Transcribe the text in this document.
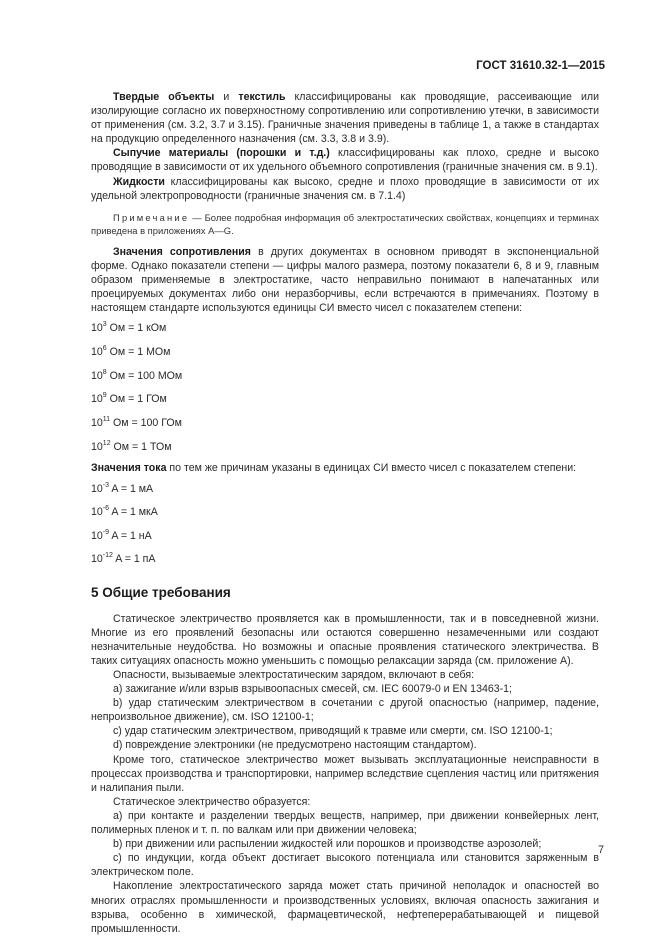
ГОСТ 31610.32-1—2015

Твердые объекты и текстиль классифицированы как проводящие, рассеивающие или изолирующие согласно их поверхностному сопротивлению или сопротивлению утечки, в зависимости от применения (см. 3.2, 3.7 и 3.15). Граничные значения приведены в таблице 1, а также в стандартах на продукцию определенного назначения (см. 3.3, 3.8 и 3.9).

Сыпучие материалы (порошки и т.д.) классифицированы как плохо, средне и высоко проводящие в зависимости от их удельного объемного сопротивления (граничные значения см. в 9.1).

Жидкости классифицированы как высоко, средне и плохо проводящие в зависимости от их удельной электропроводности (граничные значения см. в 7.1.4)

Примечание — Более подробная информация об электростатических свойствах, концепциях и терминах приведена в приложениях A—G.

Значения сопротивления в других документах в основном приводят в экспоненциальной форме. Однако показатели степени — цифры малого размера, поэтому показатели 6, 8 и 9, главным образом применяемые в электростатике, часто неправильно понимают в напечатанных или проецируемых документах либо они неразборчивы, если встречаются в примечаниях. Поэтому в настоящем стандарте используются единицы СИ вместо чисел с показателем степени:

$10^3$ Ом = 1 кОм
$10^6$ Ом = 1 МОм
$10^8$ Ом = 100 МОм
$10^9$ Ом = 1 ГОм
$10^{11}$ Ом = 100 ГОм
$10^{12}$ Ом = 1 ТОм

Значения тока по тем же причинам указаны в единицах СИ вместо чисел с показателем степени:

$10^{-3}$ A = 1 мА
$10^{-6}$ A = 1 мкА
$10^{-9}$ A = 1 нА
$10^{-12}$ A = 1 пА
5 Общие требования

Статическое электричество проявляется как в промышленности, так и в повседневной жизни. Многие из его проявлений безопасны или остаются совершенно незамеченными или создают незначительные неудобства. Но возможны и опасные проявления статического электричества. В таких ситуациях опасность можно уменьшить с помощью релаксации заряда (см. приложение А).

Опасности, вызываемые электростатическим зарядом, включают в себя:

a) зажигание и/или взрыв взрывоопасных смесей, см. IEC 60079-0 и EN 13463-1;

b) удар статическим электричеством в сочетании с другой опасностью (например, падение, непроизвольное движение), см. ISO 12100-1;

c) удар статическим электричеством, приводящий к травме или смерти, см. ISO 12100-1;

d) повреждение электроники (не предусмотрено настоящим стандартом).

Кроме того, статическое электричество может вызывать эксплуатационные неисправности в процессах производства и транспортировки, например вследствие сцепления частиц или притяжения и налипания пыли.

Статическое электричество образуется:

a) при контакте и разделении твердых веществ, например, при движении конвейерных лент, полимерных пленок и т. п. по валкам или при движении человека;

b) при движении или распылении жидкостей или порошков и производстве аэрозолей;

c) по индукции, когда объект достигает высокого потенциала или становится заряженным в электрическом поле.

Накопление электростатического заряда может стать причиной неполадок и опасностей во многих отраслях промышленности и производственных условиях, включая опасность зажигания и взрыва, особенно в химической, фармацевтической, нефтеперерабатывающей и пищевой промышленности.

7
